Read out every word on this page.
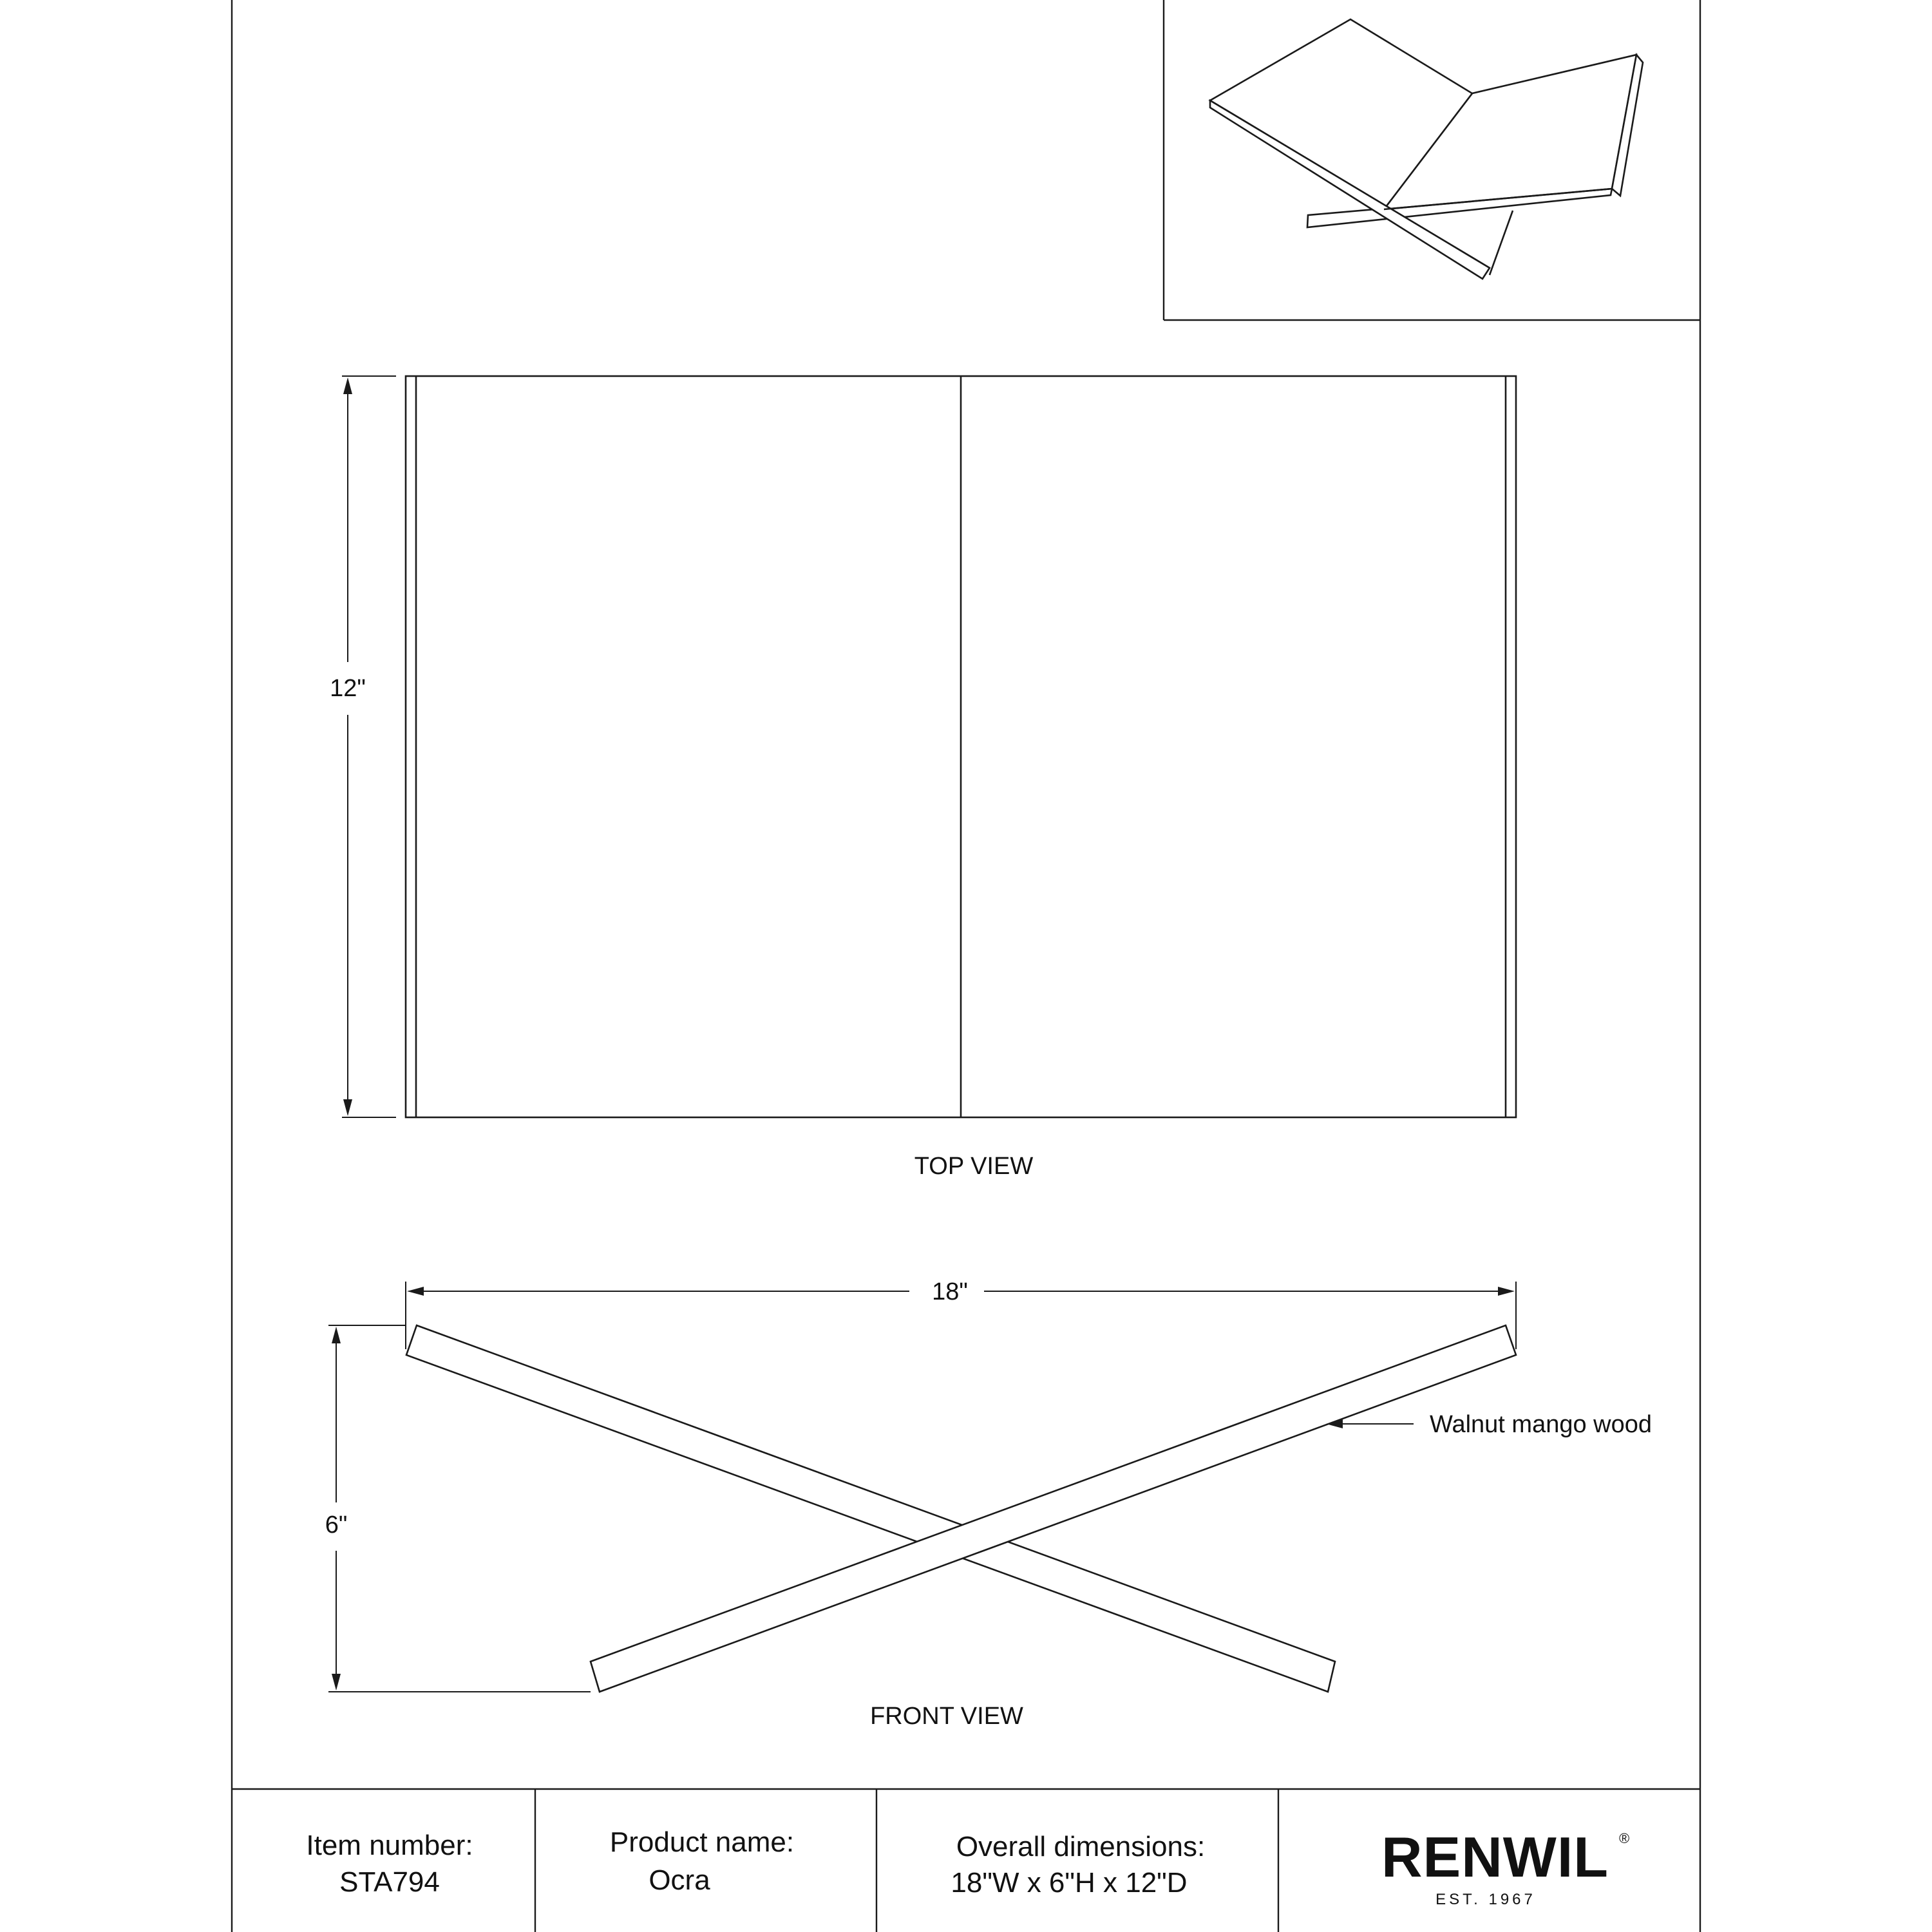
TOP VIEW
12"
FRONT VIEW
18"
6"
Walnut mango wood
Item number:
STA794
Product name:
Ocra
Overall dimensions:
18"W x 6"H x 12"D	RENWIL ®
EST. 1967
